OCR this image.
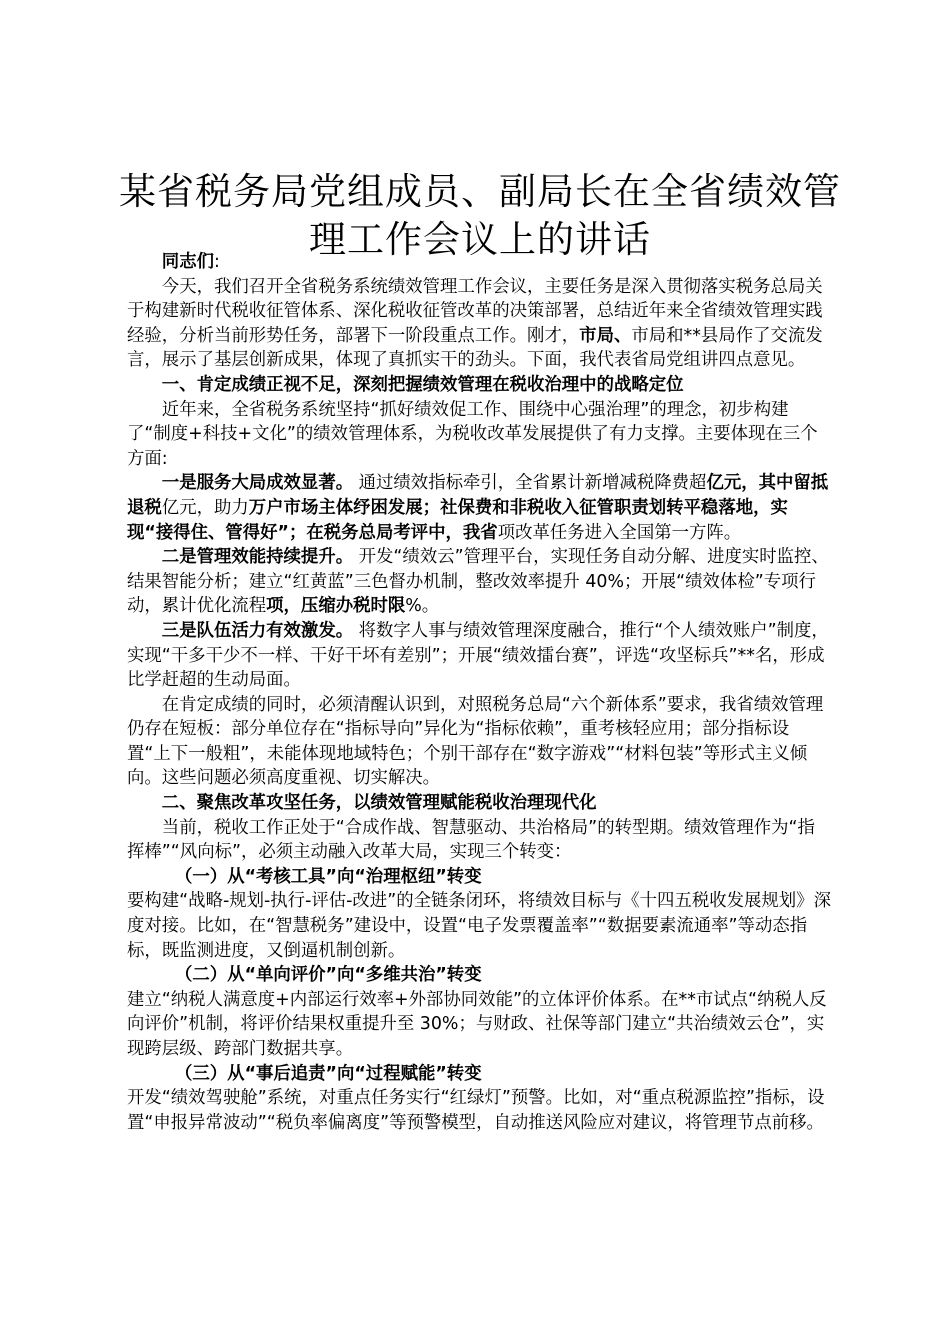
某省税务局党组成员、副局长在全省绩效管理工作会议上的讲话

同志们:

今天，我们召开全省税务系统绩效管理工作会议，主要任务是深入贯彻落实税务总局关于构建新时代税收征管体系、深化税收征管改革的决策部署，总结近年来全省绩效管理实践经验，分析当前形势任务，部署下一阶段重点工作。刚才，市局、市局和**县局作了交流发言，展示了基层创新成果，体现了真抓实干的劲头。下面，我代表省局党组讲四点意见。

一、肯定成绩正视不足，深刻把握绩效管理在税收治理中的战略定位

近年来，全省税务系统坚持“抓好绩效促工作、围绕中心强治理”的理念，初步构建了“制度+科技+文化”的绩效管理体系，为税收改革发展提供了有力支撑。主要体现在三个方面:

一是服务大局成效显著。 通过绩效指标牵引，全省累计新增减税降费超亿元，其中留抵退税亿元，助力万户市场主体纾困发展；社保费和非税收入征管职责划转平稳落地，实现“接得住、管得好”；在税务总局考评中，我省项改革任务进入全国第一方阵。

二是管理效能持续提升。 开发“绩效云”管理平台，实现任务自动分解、进度实时监控、结果智能分析；建立“红黄蓝”三色督办机制，整改效率提升 40%；开展“绩效体检”专项行动，累计优化流程项，压缩办税时限%。

三是队伍活力有效激发。 将数字人事与绩效管理深度融合，推行“个人绩效账户”制度，实现“干多干少不一样、干好干坏有差别”；开展“绩效擂台赛”，评选“攻坚标兵”**名，形成比学赶超的生动局面。

在肯定成绩的同时，必须清醒认识到，对照税务总局“六个新体系”要求，我省绩效管理仍存在短板：部分单位存在“指标导向”异化为“指标依赖”，重考核轻应用；部分指标设置“上下一般粗”，未能体现地域特色；个别干部存在“数字游戏”“材料包装”等形式主义倾向。这些问题必须高度重视、切实解决。

二、聚焦改革攻坚任务，以绩效管理赋能税收治理现代化

当前，税收工作正处于“合成作战、智慧驱动、共治格局”的转型期。绩效管理作为“指挥棒”“风向标”，必须主动融入改革大局，实现三个转变：

（一）从“考核工具”向“治理枢纽”转变

要构建“战略-规划-执行-评估-改进”的全链条闭环，将绩效目标与《十四五税收发展规划》深度对接。比如，在“智慧税务”建设中，设置“电子发票覆盖率”“数据要素流通率”等动态指标，既监测进度，又倒逼机制创新。

（二）从“单向评价”向“多维共治”转变

建立“纳税人满意度+内部运行效率+外部协同效能”的立体评价体系。在**市试点“纳税人反向评价”机制，将评价结果权重提升至 30%；与财政、社保等部门建立“共治绩效云仓”，实现跨层级、跨部门数据共享。

（三）从“事后追责”向“过程赋能”转变

开发“绩效驾驶舱”系统，对重点任务实行“红绿灯”预警。比如，对“重点税源监控”指标，设置“申报异常波动”“税负率偏离度”等预警模型，自动推送风险应对建议，将管理节点前移。
